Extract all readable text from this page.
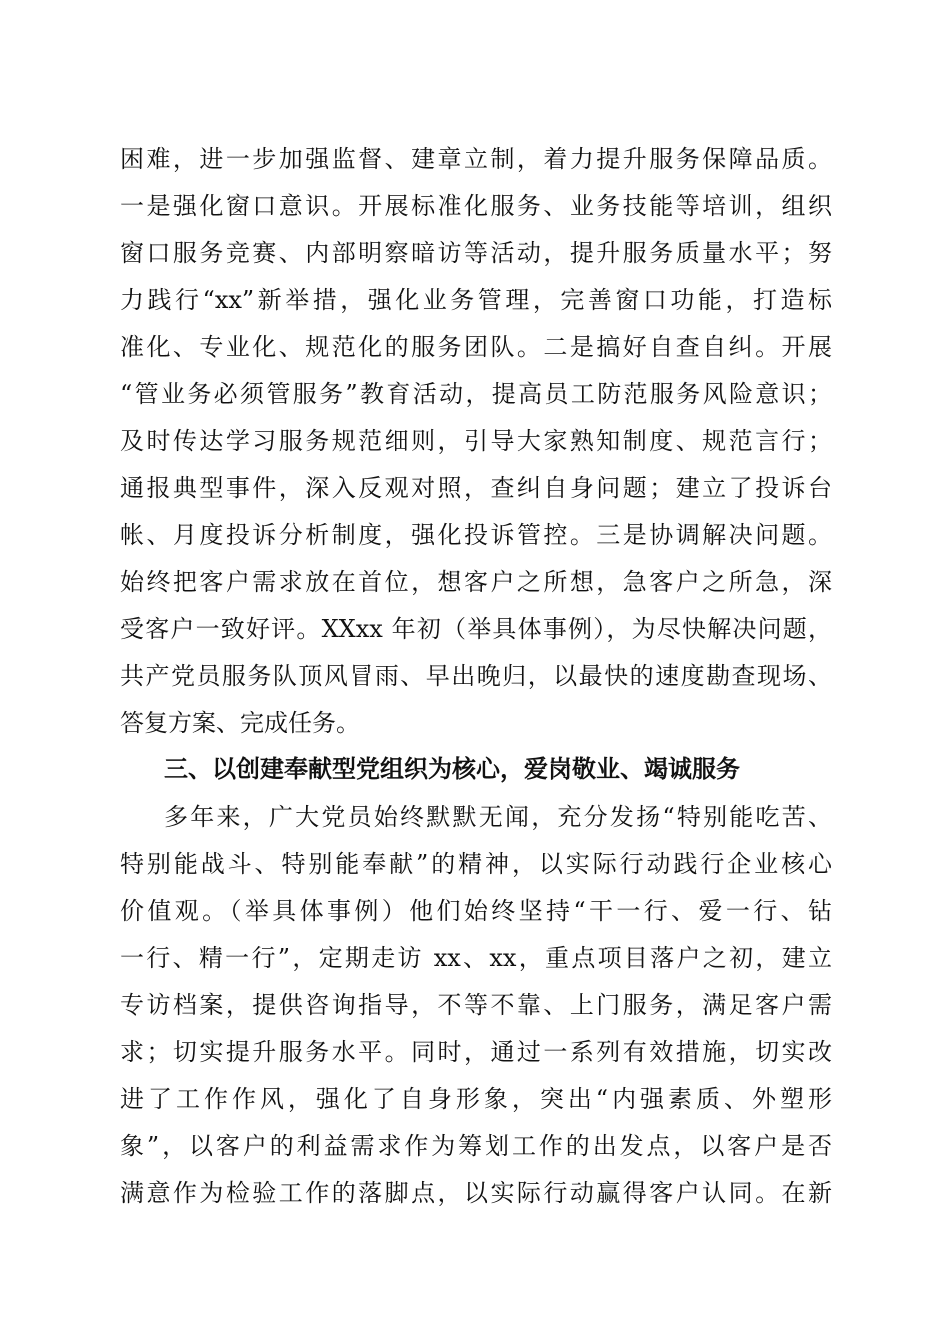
困难，进一步加强监督、建章立制，着力提升服务保障品质。
一是强化窗口意识。开展标准化服务、业务技能等培训，组织
窗口服务竞赛、内部明察暗访等活动，提升服务质量水平；努
力践行“xx”新举措，强化业务管理，完善窗口功能，打造标
准化、专业化、规范化的服务团队。二是搞好自查自纠。开展
“管业务必须管服务”教育活动，提高员工防范服务风险意识；
及时传达学习服务规范细则，引导大家熟知制度、规范言行；
通报典型事件，深入反观对照，查纠自身问题；建立了投诉台
帐、月度投诉分析制度，强化投诉管控。三是协调解决问题。
始终把客户需求放在首位，想客户之所想，急客户之所急，深
受客户一致好评。XXxx 年初（举具体事例），为尽快解决问题，
共产党员服务队顶风冒雨、早出晚归，以最快的速度勘查现场、
答复方案、完成任务。
三、以创建奉献型党组织为核心，爱岗敬业、竭诚服务
多年来，广大党员始终默默无闻，充分发扬“特别能吃苦、
特别能战斗、特别能奉献”的精神，以实际行动践行企业核心
价值观。（举具体事例）他们始终坚持“干一行、爱一行、钻
一行、精一行”，定期走访 xx、xx，重点项目落户之初，建立
专访档案，提供咨询指导，不等不靠、上门服务，满足客户需
求；切实提升服务水平。同时，通过一系列有效措施，切实改
进了工作作风，强化了自身形象，突出“内强素质、外塑形
象”，以客户的利益需求作为筹划工作的出发点，以客户是否
满意作为检验工作的落脚点，以实际行动赢得客户认同。在新
